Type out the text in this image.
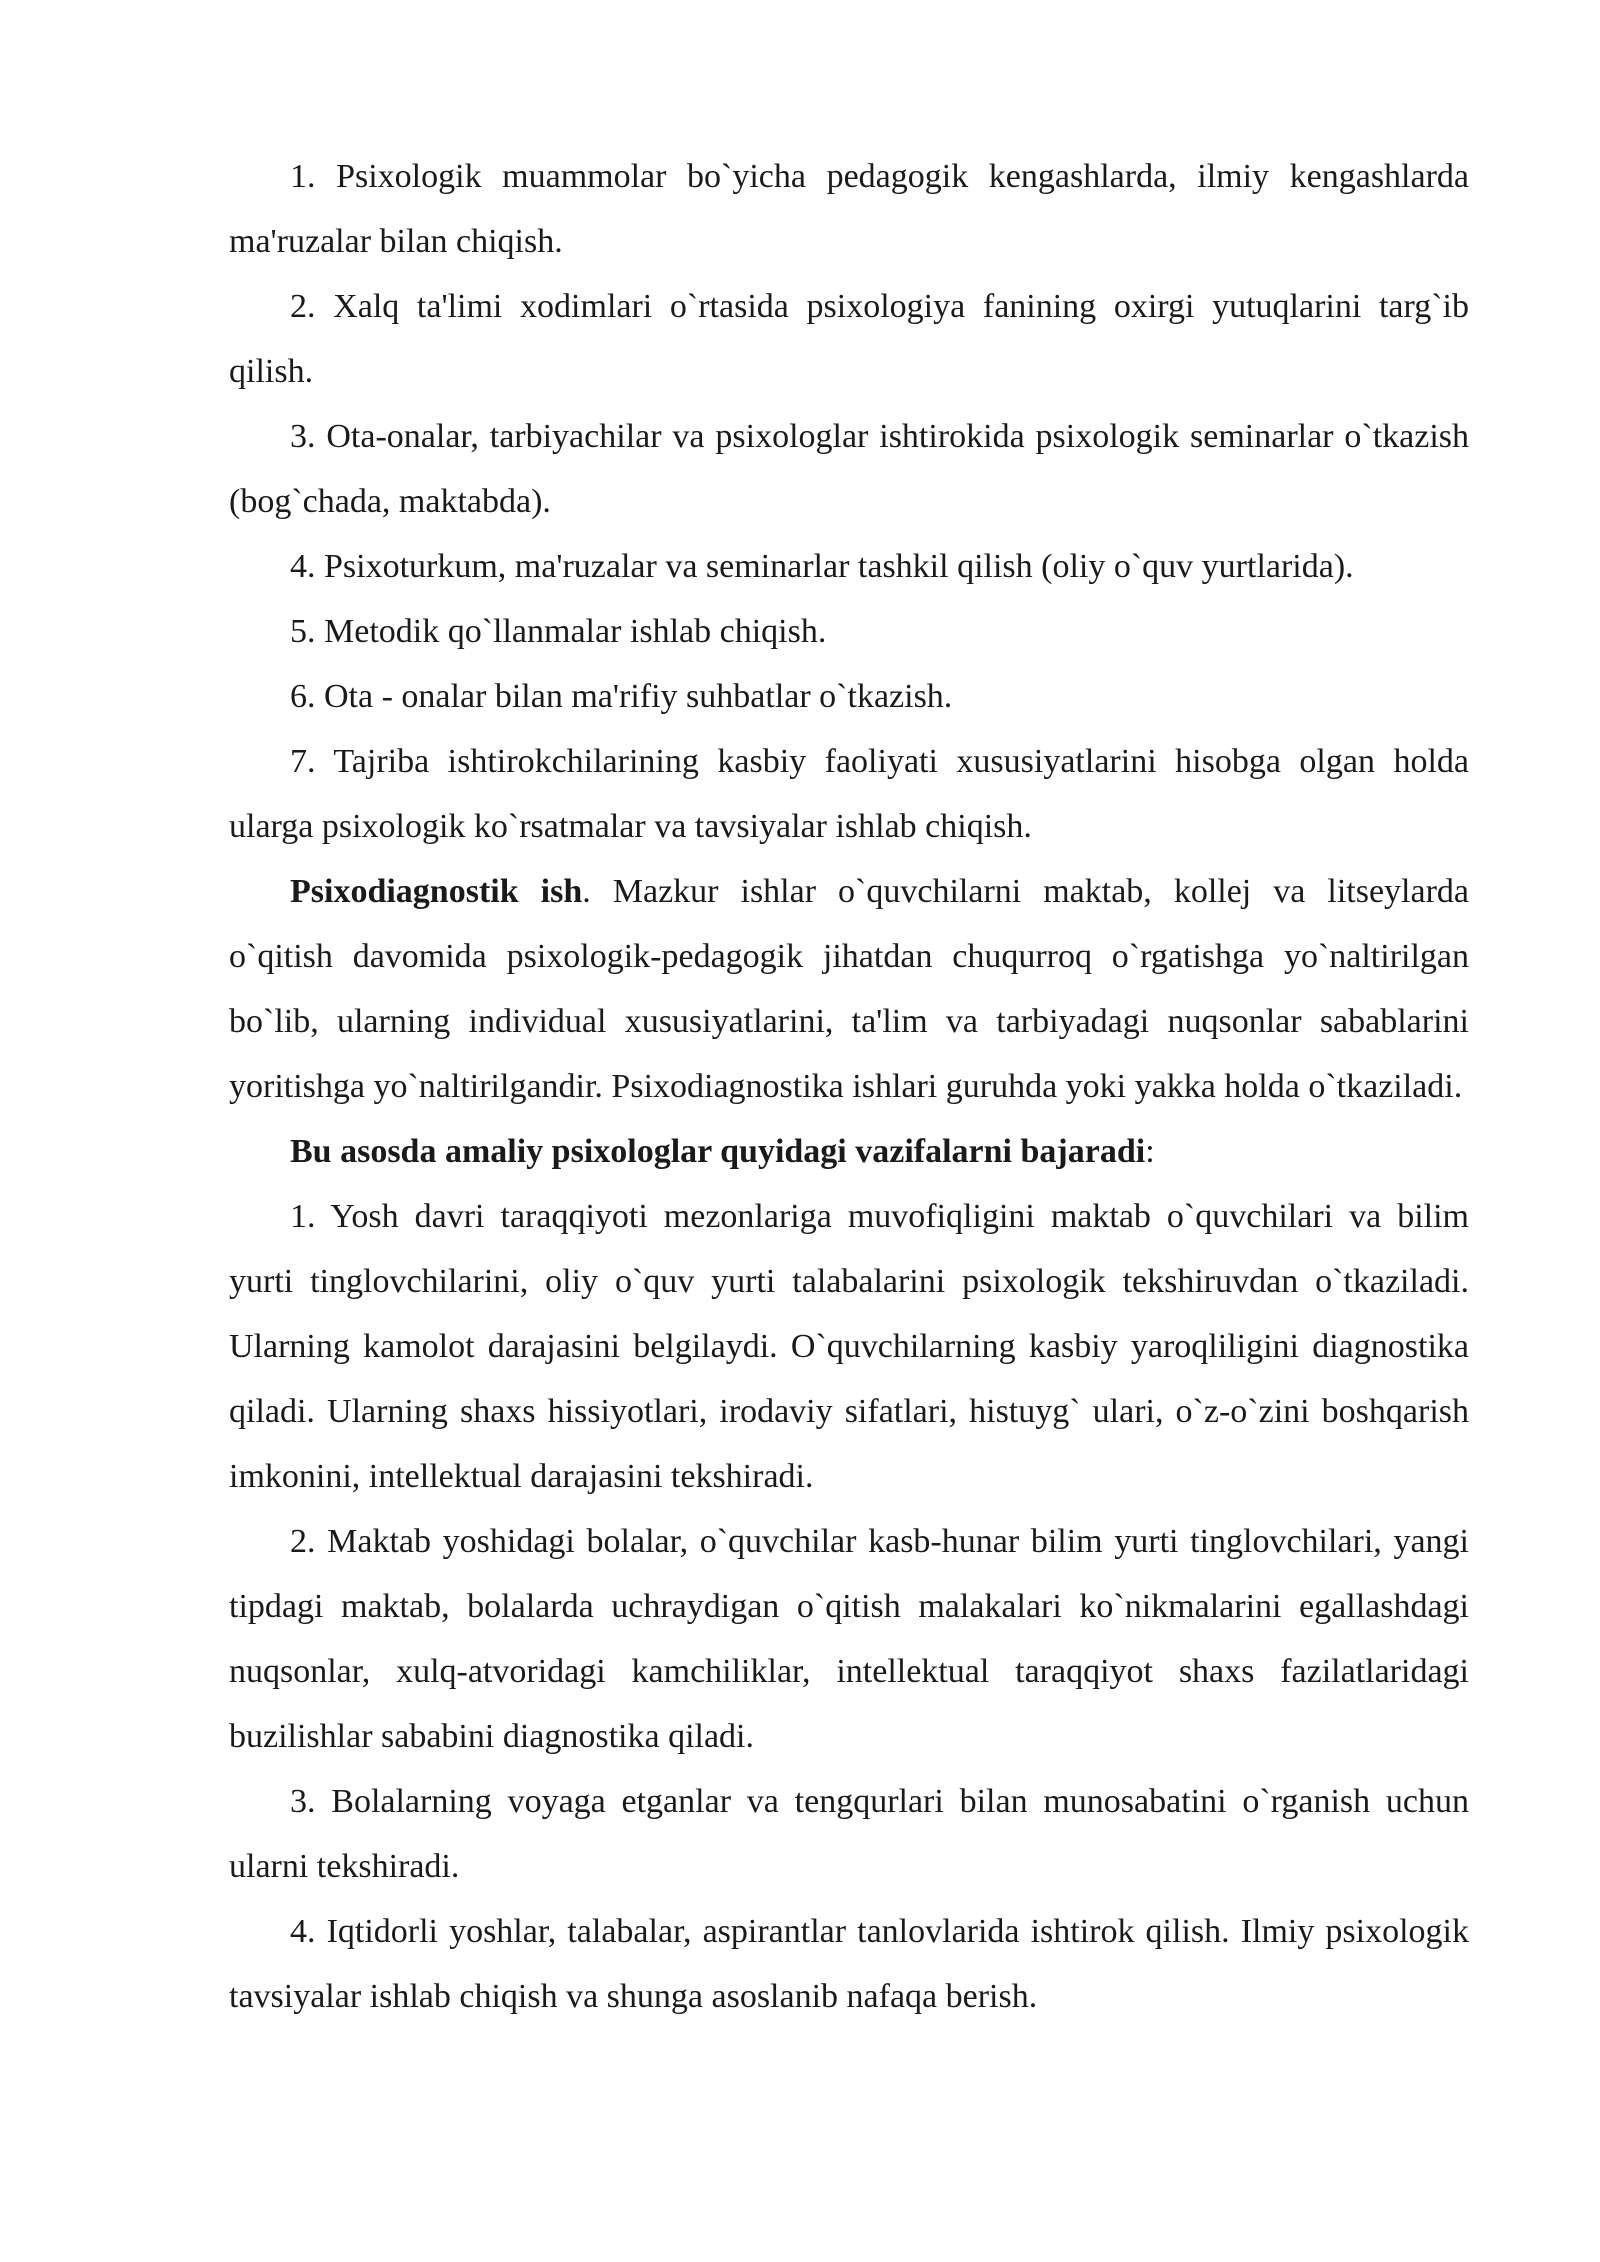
1. Psixologik muammolar bo`yicha pedagogik kengashlarda, ilmiy kengashlarda ma'ruzalar bilan chiqish.

2. Xalq ta'limi xodimlari o`rtasida psixologiya fanining oxirgi yutuqlarini targ`ib qilish.

3. Ota-onalar, tarbiyachilar va psixologlar ishtirokida psixologik seminarlar o`tkazish (bog`chada, maktabda).

4. Psixoturkum, ma'ruzalar va seminarlar tashkil qilish (oliy o`quv yurtlarida).

5. Metodik qo`llanmalar ishlab chiqish.

6. Ota - onalar bilan ma'rifiy suhbatlar o`tkazish.

7. Tajriba ishtirokchilarining kasbiy faoliyati xususiyatlarini hisobga olgan holda ularga psixologik ko`rsatmalar va tavsiyalar ishlab chiqish.

Psixodiagnostik ish. Mazkur ishlar o`quvchilarni maktab, kollej va litseylarda o`qitish davomida psixologik-pedagogik jihatdan chuqurroq o`rgatishga yo`naltirilgan bo`lib, ularning individual xususiyatlarini, ta'lim va tarbiyadagi nuqsonlar sabablarini yoritishga yo`naltirilgandir. Psixodiagnostika ishlari guruhda yoki yakka holda o`tkaziladi.

Bu asosda amaliy psixologlar quyidagi vazifalarni bajaradi:

1. Yosh davri taraqqiyoti mezonlariga muvofiqligini maktab o`quvchilari va bilim yurti tinglovchilarini, oliy o`quv yurti talabalarini psixologik tekshiruvdan o`tkaziladi. Ularning kamolot darajasini belgilaydi. O`quvchilarning kasbiy yaroqliligini diagnostika qiladi. Ularning shaxs hissiyotlari, irodaviy sifatlari, histuyg` ulari, o`z-o`zini boshqarish imkonini, intellektual darajasini tekshiradi.

2. Maktab yoshidagi bolalar, o`quvchilar kasb-hunar bilim yurti tinglovchilari, yangi tipdagi maktab, bolalarda uchraydigan o`qitish malakalari ko`nikmalarini egallashdagi nuqsonlar, xulq-atvoridagi kamchiliklar, intellektual taraqqiyot shaxs fazilatlaridagi buzilishlar sababini diagnostika qiladi.

3. Bolalarning voyaga etganlar va tengqurlari bilan munosabatini o`rganish uchun ularni tekshiradi.

4. Iqtidorli yoshlar, talabalar, aspirantlar tanlovlarida ishtirok qilish. Ilmiy psixologik tavsiyalar ishlab chiqish va shunga asoslanib nafaqa berish.
